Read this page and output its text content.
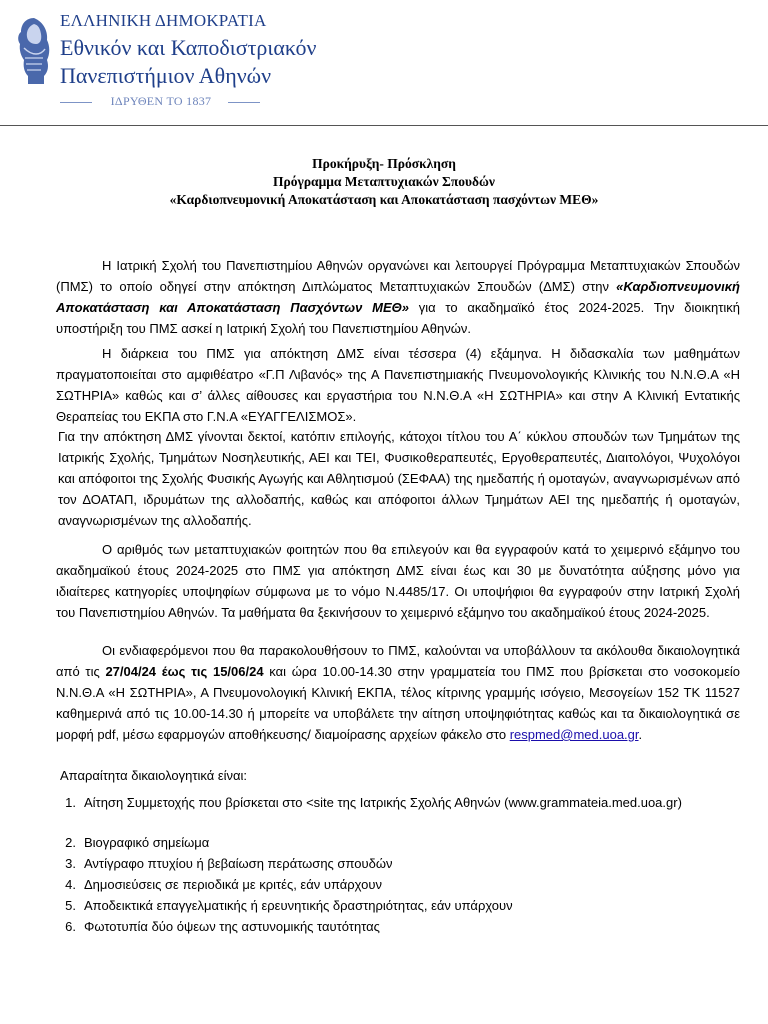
ΕΛΛΗΝΙΚΗ ΔΗΜΟΚΡΑΤΙΑ
Εθνικόν και Καποδιστριακόν
Πανεπιστήμιον Αθηνών
ΙΔΡΥΘΕΝ ΤΟ 1837
Προκήρυξη- Πρόσκληση
Πρόγραμμα Μεταπτυχιακών Σπουδών
«Καρδιοπνευμονική Αποκατάσταση και Αποκατάσταση πασχόντων ΜΕΘ»
Η Ιατρική Σχολή του Πανεπιστημίου Αθηνών οργανώνει και λειτουργεί Πρόγραμμα Μεταπτυχιακών Σπουδών (ΠΜΣ) το οποίο οδηγεί στην απόκτηση Διπλώματος Μεταπτυχιακών Σπουδών (ΔΜΣ) στην «Καρδιοπνευμονική Αποκατάσταση και Αποκατάσταση Πασχόντων ΜΕΘ» για το ακαδημαϊκό έτος 2024-2025. Την διοικητική υποστήριξη του ΠΜΣ ασκεί η Ιατρική Σχολή του Πανεπιστημίου Αθηνών.
Η διάρκεια του ΠΜΣ για απόκτηση ΔΜΣ είναι τέσσερα (4) εξάμηνα. Η διδασκαλία των μαθημάτων πραγματοποιείται στο αμφιθέατρο «Γ.Π Λιβανός» της Α Πανεπιστημιακής Πνευμονολογικής Κλινικής του Ν.Ν.Θ.Α «Η ΣΩΤΗΡΙΑ» καθώς και σ’ άλλες αίθουσες και εργαστήρια του Ν.Ν.Θ.Α «Η ΣΩΤΗΡΙΑ» και στην Α Κλινική Εντατικής Θεραπείας του ΕΚΠΑ στο Γ.Ν.Α «ΕΥΑΓΓΕΛΙΣΜΟΣ».
Για την απόκτηση ΔΜΣ γίνονται δεκτοί, κατόπιν επιλογής, κάτοχοι τίτλου του Α΄ κύκλου σπουδών των Τμημάτων της Ιατρικής Σχολής, Τμημάτων Νοσηλευτικής, ΑΕΙ και ΤΕΙ, Φυσικοθεραπευτές, Εργοθεραπευτές, Διαιτολόγοι, Ψυχολόγοι και απόφοιτοι της Σχολής Φυσικής Αγωγής και Αθλητισμού (ΣΕΦΑΑ) της ημεδαπής ή ομοταγών, αναγνωρισμένων από τον ΔΟΑΤΑΠ, ιδρυμάτων της αλλοδαπής, καθώς και απόφοιτοι άλλων Τμημάτων ΑΕΙ της ημεδαπής ή ομοταγών, αναγνωρισμένων της αλλοδαπής.
Ο αριθμός των μεταπτυχιακών φοιτητών που θα επιλεγούν και θα εγγραφούν κατά το χειμερινό εξάμηνο του ακαδημαϊκού έτους 2024-2025 στο ΠΜΣ για απόκτηση ΔΜΣ είναι έως και 30 με δυνατότητα αύξησης μόνο για ιδιαίτερες κατηγορίες υποψηφίων σύμφωνα με το νόμο Ν.4485/17. Οι υποψήφιοι θα εγγραφούν στην Ιατρική Σχολή του Πανεπιστημίου Αθηνών. Τα μαθήματα θα ξεκινήσουν το χειμερινό εξάμηνο του ακαδημαϊκού έτους 2024-2025.
Οι ενδιαφερόμενοι που θα παρακολουθήσουν το ΠΜΣ, καλούνται να υποβάλλουν τα ακόλουθα δικαιολογητικά από τις 27/04/24 έως τις 15/06/24 και ώρα 10.00-14.30 στην γραμματεία του ΠΜΣ που βρίσκεται στο νοσοκομείο Ν.Ν.Θ.Α «Η ΣΩΤΗΡΙΑ», Α Πνευμονολογική Κλινική ΕΚΠΑ, τέλος κίτρινης γραμμής ισόγειο, Μεσογείων 152 ΤΚ 11527 καθημερινά από τις 10.00-14.30 ή μπορείτε να υποβάλετε την αίτηση υποψηφιότητας καθώς και τα δικαιολογητικά σε μορφή pdf, μέσω εφαρμογών αποθήκευσης/ διαμοίρασης αρχείων φάκελο στο respmed@med.uoa.gr.
Απαραίτητα δικαιολογητικά είναι:
1. Αίτηση Συμμετοχής που βρίσκεται στο <site της Ιατρικής Σχολής Αθηνών (www.grammateia.med.uoa.gr)
2. Βιογραφικό σημείωμα
3. Αντίγραφο πτυχίου ή βεβαίωση περάτωσης σπουδών
4. Δημοσιεύσεις σε περιοδικά με κριτές, εάν υπάρχουν
5. Αποδεικτικά επαγγελματικής ή ερευνητικής δραστηριότητας, εάν υπάρχουν
6. Φωτοτυπία δύο όψεων της αστυνομικής ταυτότητας
